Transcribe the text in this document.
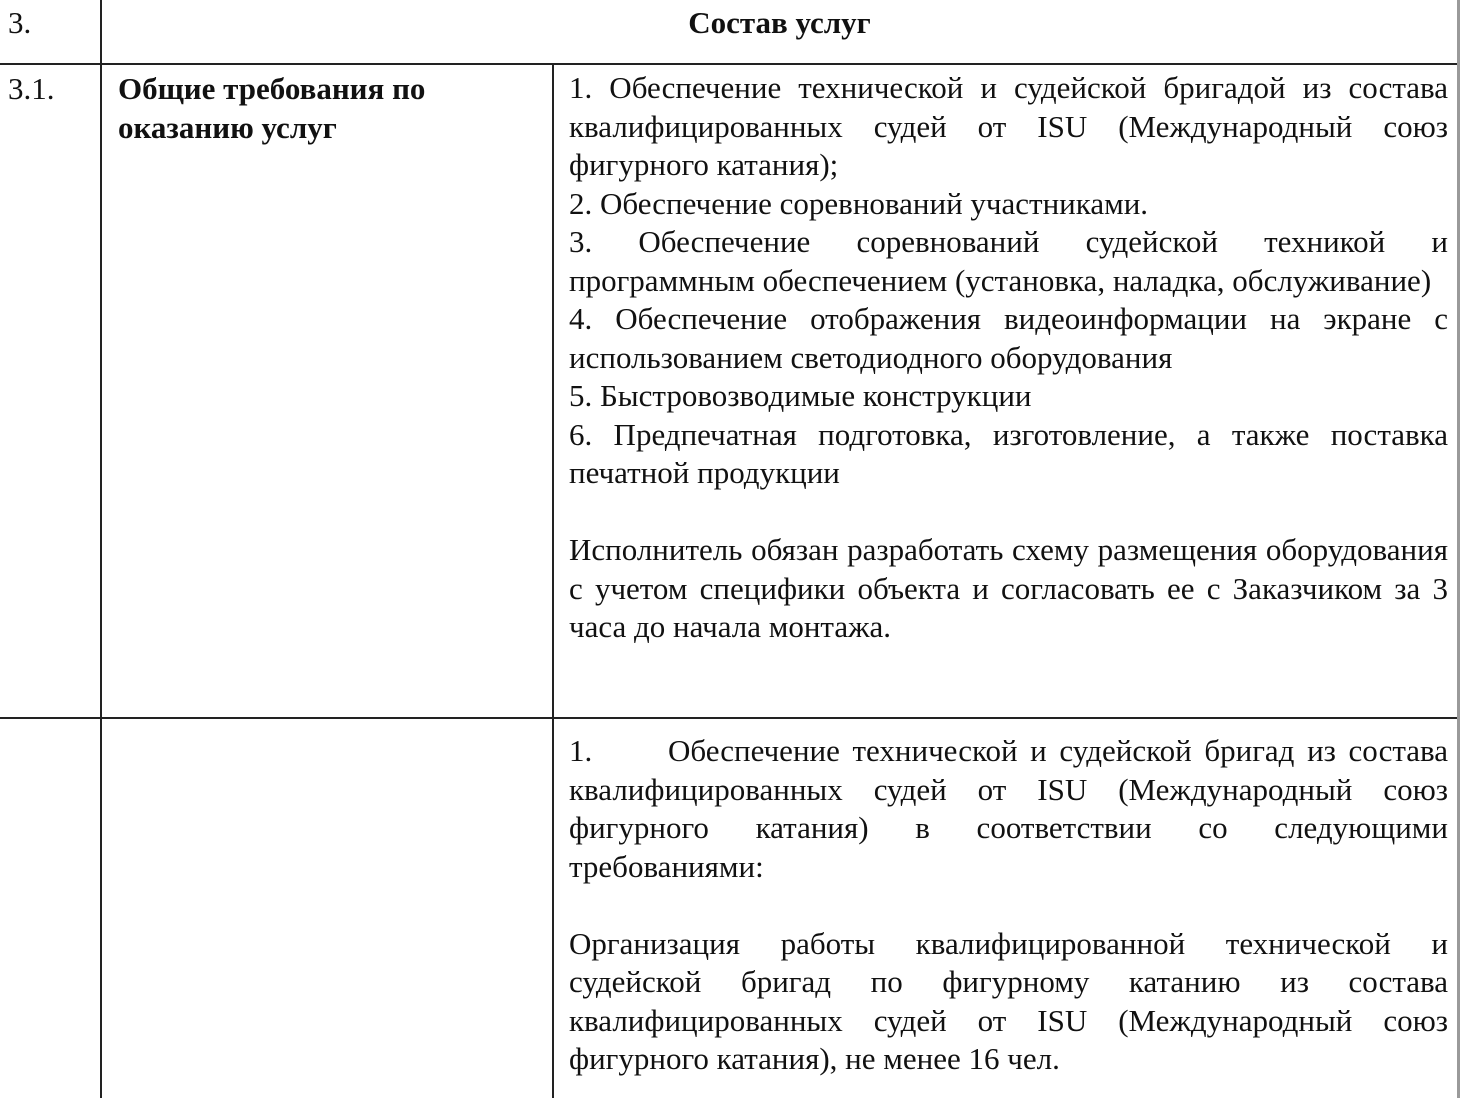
3.	Состав услуг
3.1. Общие требования по оказанию услуг

1. Обеспечение технической и судейской бригадой из состава квалифицированных судей от ISU (Международный союз фигурного катания);

2. Обеспечение соревнований участниками.

3. Обеспечение соревнований судейской техникой и программным обеспечением (установка, наладка, обслуживание)

4. Обеспечение отображения видеоинформации на экране с использованием светодиодного оборудования

5. Быстровозводимые конструкции

6. Предпечатная подготовка, изготовление, а также поставка печатной продукции

Исполнитель обязан разработать схему размещения оборудования с учетом специфики объекта и согласовать ее с Заказчиком за 3 часа до начала монтажа.

1.      Обеспечение технической и судейской бригад из состава квалифицированных судей от ISU (Международный союз фигурного катания) в соответствии со следующими требованиями:

Организация работы квалифицированной технической и судейской бригад по фигурному катанию из состава квалифицированных судей от ISU (Международный союз фигурного катания), не менее 16 чел.
